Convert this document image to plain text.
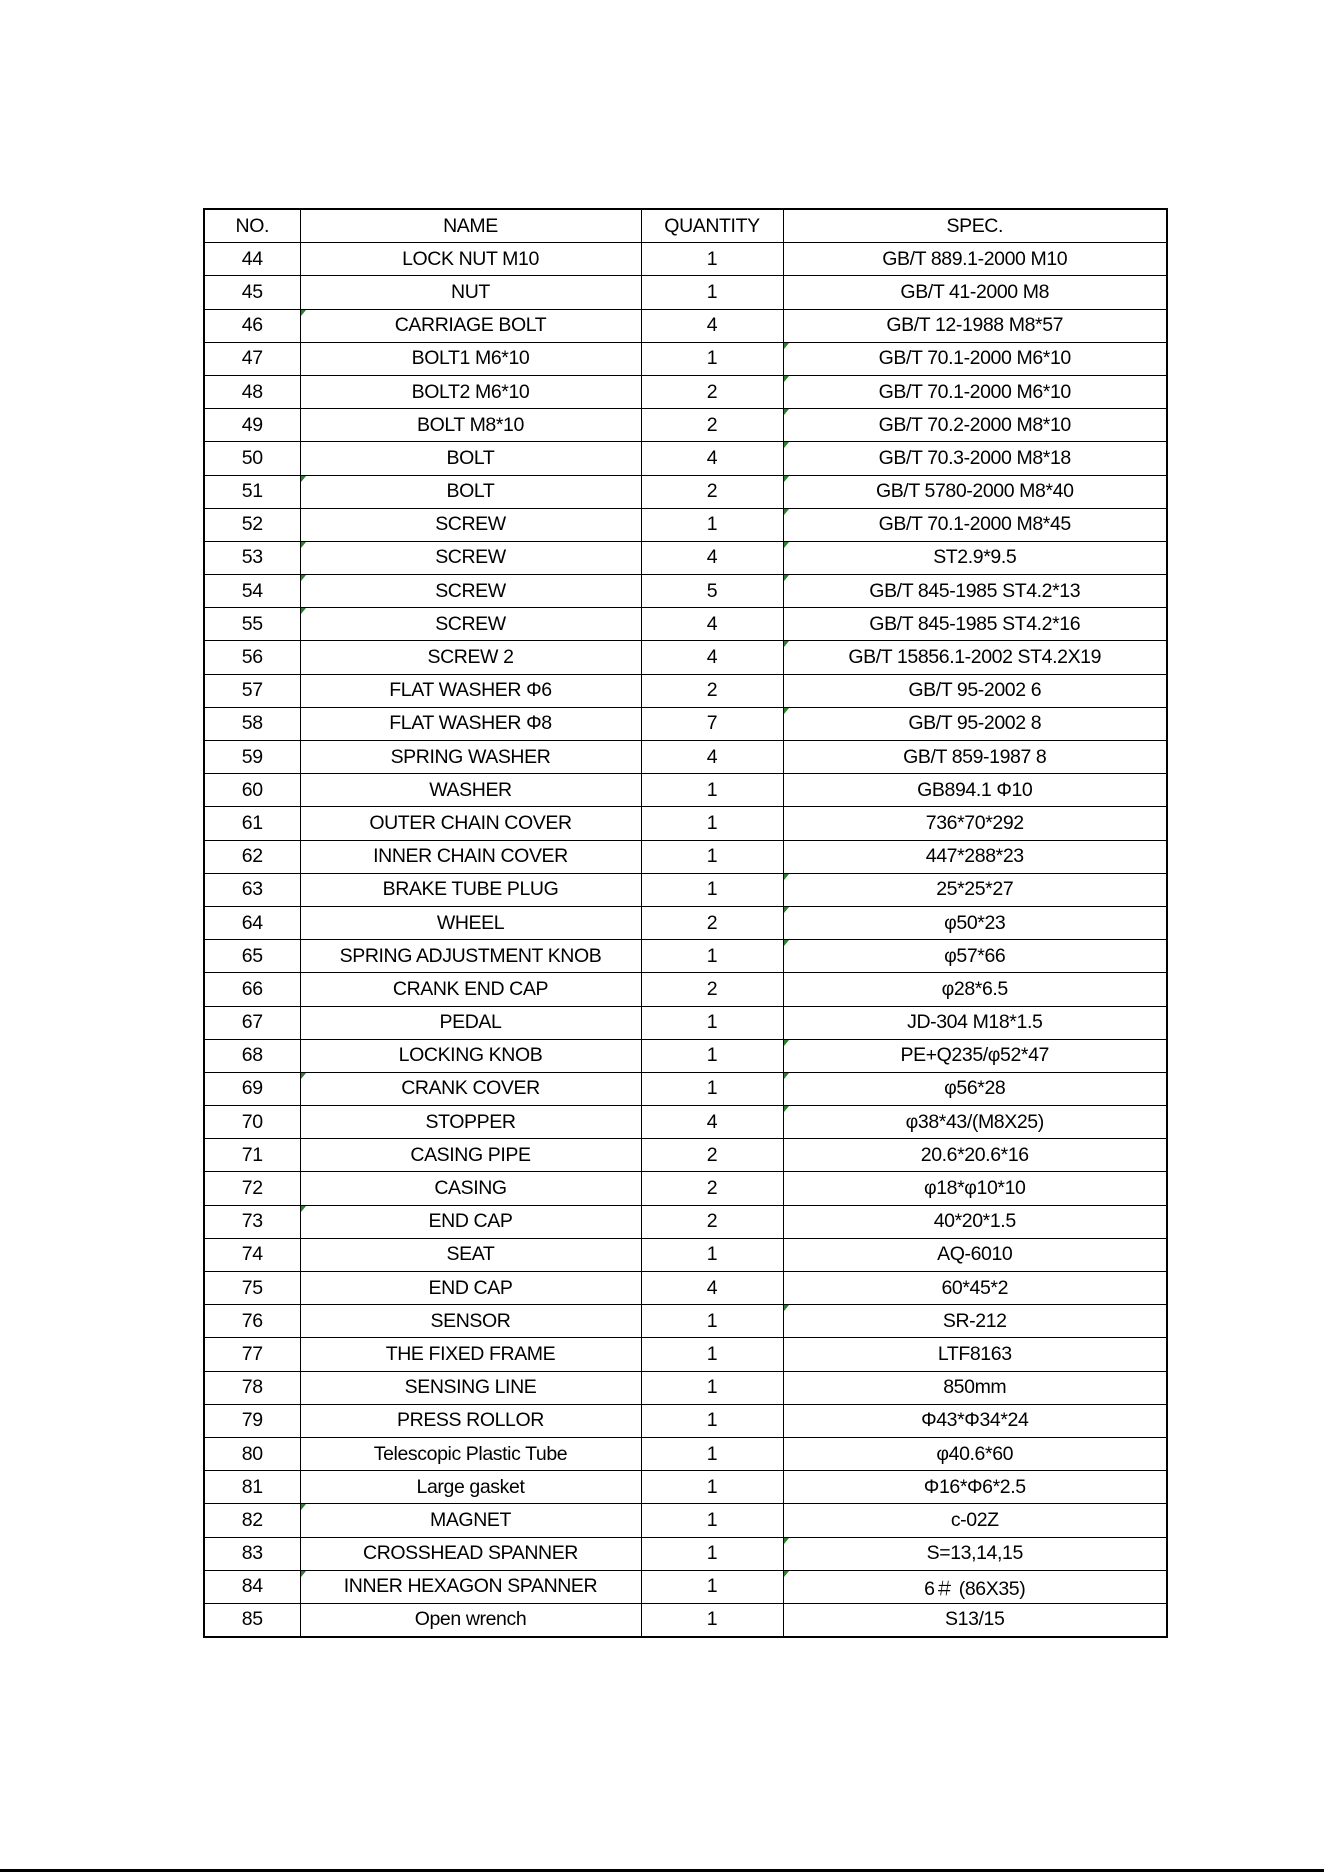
NO.	NAME	QUANTITY	SPEC.
44	LOCK NUT M10	1	GB/T 889.1-2000 M10
45	NUT	1	GB/T 41-2000 M8
46	CARRIAGE BOLT	4	GB/T 12-1988 M8*57
47	BOLT1 M6*10	1	GB/T 70.1-2000 M6*10
48	BOLT2 M6*10	2	GB/T 70.1-2000 M6*10
49	BOLT M8*10	2	GB/T 70.2-2000 M8*10
50	BOLT	4	GB/T 70.3-2000 M8*18
51	BOLT	2	GB/T 5780-2000 M8*40
52	SCREW	1	GB/T 70.1-2000 M8*45
53	SCREW	4	ST2.9*9.5
54	SCREW	5	GB/T 845-1985 ST4.2*13
55	SCREW	4	GB/T 845-1985 ST4.2*16
56	SCREW 2	4	GB/T 15856.1-2002 ST4.2X19
57	FLAT WASHER Φ6	2	GB/T 95-2002 6
58	FLAT WASHER Φ8	7	GB/T 95-2002 8
59	SPRING WASHER	4	GB/T 859-1987 8
60	WASHER	1	GB894.1 Φ10
61	OUTER CHAIN COVER	1	736*70*292
62	INNER CHAIN COVER	1	447*288*23
63	BRAKE TUBE PLUG	1	25*25*27
64	WHEEL	2	φ50*23
65	SPRING ADJUSTMENT KNOB	1	φ57*66
66	CRANK END CAP	2	φ28*6.5
67	PEDAL	1	JD-304 M18*1.5
68	LOCKING KNOB	1	PE+Q235/φ52*47
69	CRANK COVER	1	φ56*28
70	STOPPER	4	φ38*43/(M8X25)
71	CASING PIPE	2	20.6*20.6*16
72	CASING	2	φ18*φ10*10
73	END CAP	2	40*20*1.5
74	SEAT	1	AQ-6010
75	END CAP	4	60*45*2
76	SENSOR	1	SR-212
77	THE FIXED FRAME	1	LTF8163
78	SENSING LINE	1	850mm
79	PRESS ROLLOR	1	Φ43*Φ34*24
80	Telescopic Plastic Tube	1	φ40.6*60
81	Large gasket	1	Φ16*Φ6*2.5
82	MAGNET	1	c-02Z
83	CROSSHEAD SPANNER	1	S=13,14,15
84	INNER HEXAGON SPANNER	1	6＃ (86X35)
85	Open wrench	1	S13/15
